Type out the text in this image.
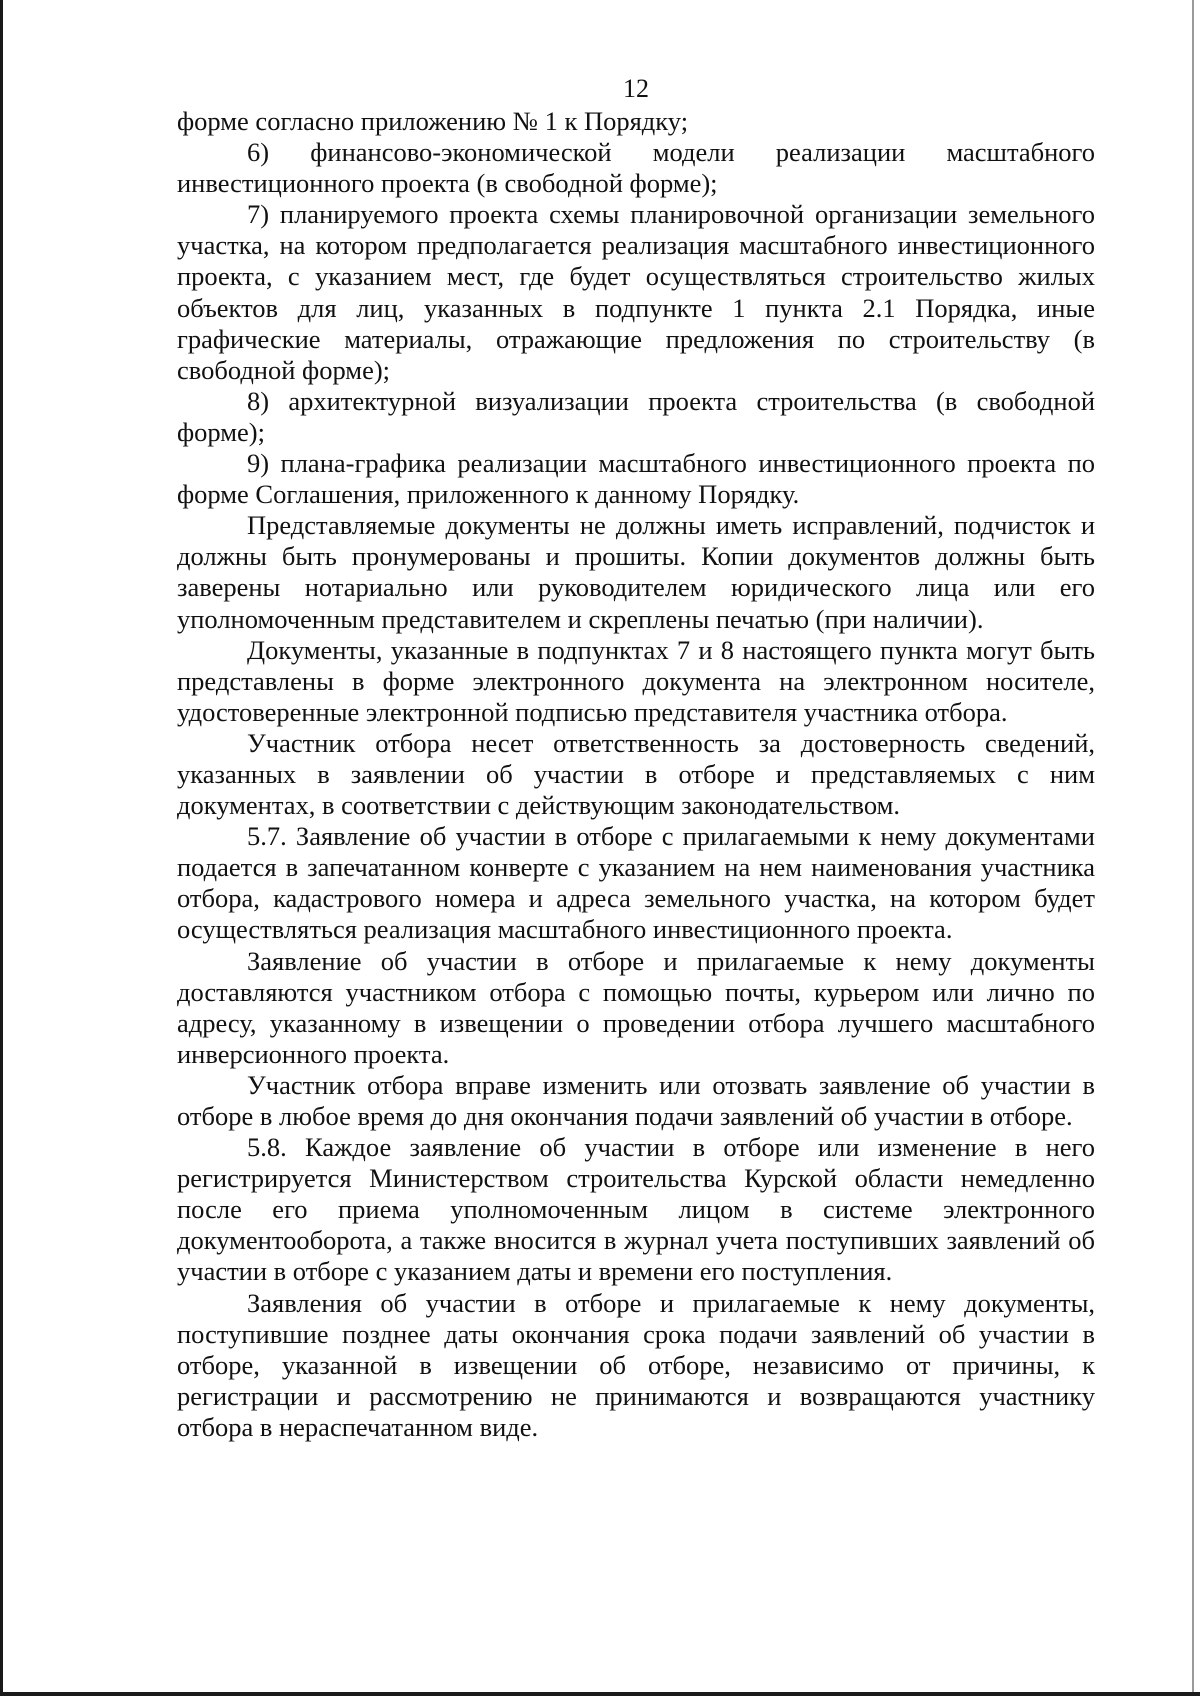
12

форме согласно приложению № 1 к Порядку;

6) финансово-экономической модели реализации масштабного инвестиционного проекта (в свободной форме);

7) планируемого проекта схемы планировочной организации земельного участка, на котором предполагается реализация масштабного инвестиционного проекта, с указанием мест, где будет осуществляться строительство жилых объектов для лиц, указанных в подпункте 1 пункта 2.1 Порядка, иные графические материалы, отражающие предложения по строительству (в свободной форме);

8) архитектурной визуализации проекта строительства (в свободной форме);

9) плана-графика реализации масштабного инвестиционного проекта по форме Соглашения, приложенного к данному Порядку.

Представляемые документы не должны иметь исправлений, подчисток и должны быть пронумерованы и прошиты. Копии документов должны быть заверены нотариально или руководителем юридического лица или его уполномоченным представителем и скреплены печатью (при наличии).

Документы, указанные в подпунктах 7 и 8 настоящего пункта могут быть представлены в форме электронного документа на электронном носителе, удостоверенные электронной подписью представителя участника отбора.

Участник отбора несет ответственность за достоверность сведений, указанных в заявлении об участии в отборе и представляемых с ним документах, в соответствии с действующим законодательством.

5.7. Заявление об участии в отборе с прилагаемыми к нему документами подается в запечатанном конверте с указанием на нем наименования участника отбора, кадастрового номера и адреса земельного участка, на котором будет осуществляться реализация масштабного инвестиционного проекта.

Заявление об участии в отборе и прилагаемые к нему документы доставляются участником отбора с помощью почты, курьером или лично по адресу, указанному в извещении о проведении отбора лучшего масштабного инверсионного проекта.

Участник отбора вправе изменить или отозвать заявление об участии в отборе в любое время до дня окончания подачи заявлений об участии в отборе.

5.8. Каждое заявление об участии в отборе или изменение в него регистрируется Министерством строительства Курской области немедленно после его приема уполномоченным лицом в системе электронного документооборота, а также вносится в журнал учета поступивших заявлений об участии в отборе с указанием даты и времени его поступления.

Заявления об участии в отборе и прилагаемые к нему документы, поступившие позднее даты окончания срока подачи заявлений об участии в отборе, указанной в извещении об отборе, независимо от причины, к регистрации и рассмотрению не принимаются и возвращаются участнику отбора в нераспечатанном виде.
